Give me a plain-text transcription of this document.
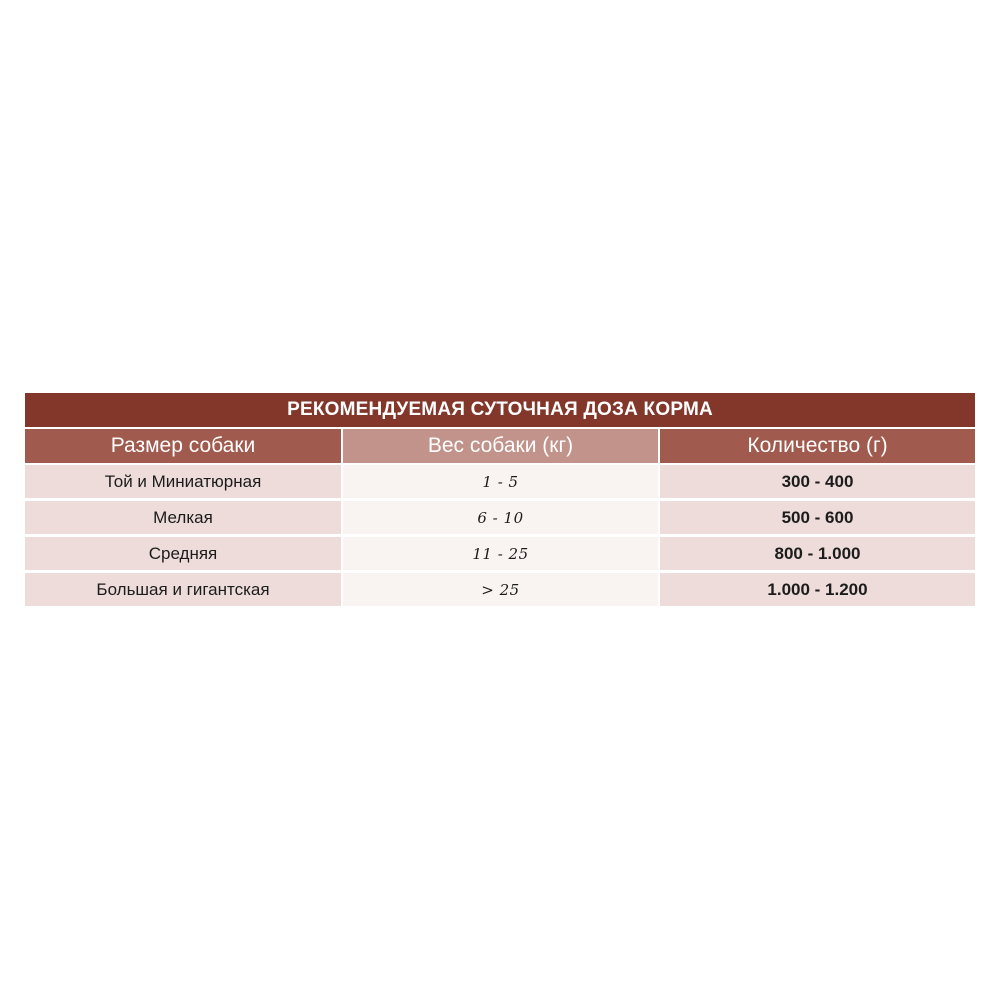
РЕКОМЕНДУЕМАЯ СУТОЧНАЯ ДОЗА КОРМА
Размер собаки	Вес собаки (кг)	Количество (г)
Той и Миниатюрная	1 - 5	300 - 400
Мелкая	6 - 10	500 - 600
Средняя	11 - 25	800 - 1.000
Большая и гигантская	> 25	1.000 - 1.200
